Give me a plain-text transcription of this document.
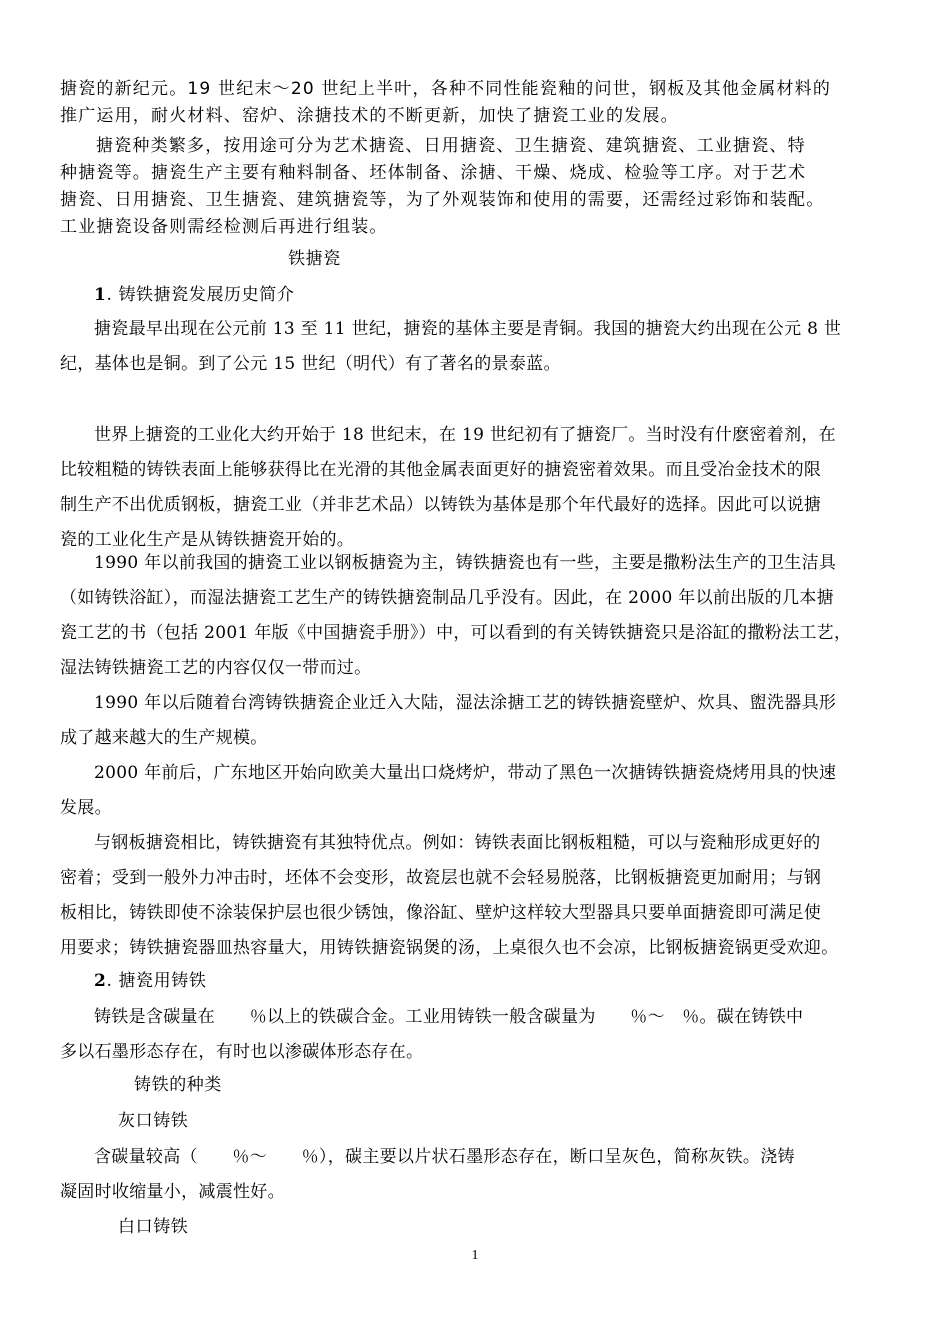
搪瓷的新纪元。19 世纪末～20 世纪上半叶，各种不同性能瓷釉的问世，钢板及其他金属材料的
推广运用，耐火材料、窑炉、涂搪技术的不断更新，加快了搪瓷工业的发展。
搪瓷种类繁多，按用途可分为艺术搪瓷、日用搪瓷、卫生搪瓷、建筑搪瓷、工业搪瓷、特
种搪瓷等。搪瓷生产主要有釉料制备、坯体制备、涂搪、干燥、烧成、检验等工序。对于艺术
搪瓷、日用搪瓷、卫生搪瓷、建筑搪瓷等，为了外观装饰和使用的需要，还需经过彩饰和装配。
工业搪瓷设备则需经检测后再进行组装。
铁搪瓷
1. 铸铁搪瓷发展历史简介
搪瓷最早出现在公元前 13 至 11 世纪，搪瓷的基体主要是青铜。我国的搪瓷大约出现在公元 8 世
纪，基体也是铜。到了公元 15 世纪（明代）有了著名的景泰蓝。
世界上搪瓷的工业化大约开始于 18 世纪末，在 19 世纪初有了搪瓷厂。当时没有什麽密着剂，在
比较粗糙的铸铁表面上能够获得比在光滑的其他金属表面更好的搪瓷密着效果。而且受冶金技术的限
制生产不出优质钢板，搪瓷工业（并非艺术品）以铸铁为基体是那个年代最好的选择。因此可以说搪
瓷的工业化生产是从铸铁搪瓷开始的。
1990 年以前我国的搪瓷工业以钢板搪瓷为主，铸铁搪瓷也有一些，主要是撒粉法生产的卫生洁具
（如铸铁浴缸），而湿法搪瓷工艺生产的铸铁搪瓷制品几乎没有。因此，在 2000 年以前出版的几本搪
瓷工艺的书（包括 2001 年版《中国搪瓷手册》）中，可以看到的有关铸铁搪瓷只是浴缸的撒粉法工艺，
湿法铸铁搪瓷工艺的内容仅仅一带而过。
1990 年以后随着台湾铸铁搪瓷企业迁入大陆，湿法涂搪工艺的铸铁搪瓷壁炉、炊具、盥洗器具形
成了越来越大的生产规模。
2000 年前后，广东地区开始向欧美大量出口烧烤炉，带动了黑色一次搪铸铁搪瓷烧烤用具的快速
发展。
与钢板搪瓷相比，铸铁搪瓷有其独特优点。例如：铸铁表面比钢板粗糙，可以与瓷釉形成更好的
密着；受到一般外力冲击时，坯体不会变形，故瓷层也就不会轻易脱落，比钢板搪瓷更加耐用；与钢
板相比，铸铁即使不涂装保护层也很少锈蚀，像浴缸、壁炉这样较大型器具只要单面搪瓷即可满足使
用要求；铸铁搪瓷器皿热容量大，用铸铁搪瓷锅煲的汤，上桌很久也不会凉，比钢板搪瓷锅更受欢迎。
2. 搪瓷用铸铁
铸铁是含碳量在　　％以上的铁碳合金。工业用铸铁一般含碳量为　　％～　％。碳在铸铁中
多以石墨形态存在，有时也以渗碳体形态存在。
铸铁的种类
灰口铸铁
含碳量较高（　　％～　　％），碳主要以片状石墨形态存在，断口呈灰色，简称灰铁。浇铸
凝固时收缩量小，减震性好。
白口铸铁
1
